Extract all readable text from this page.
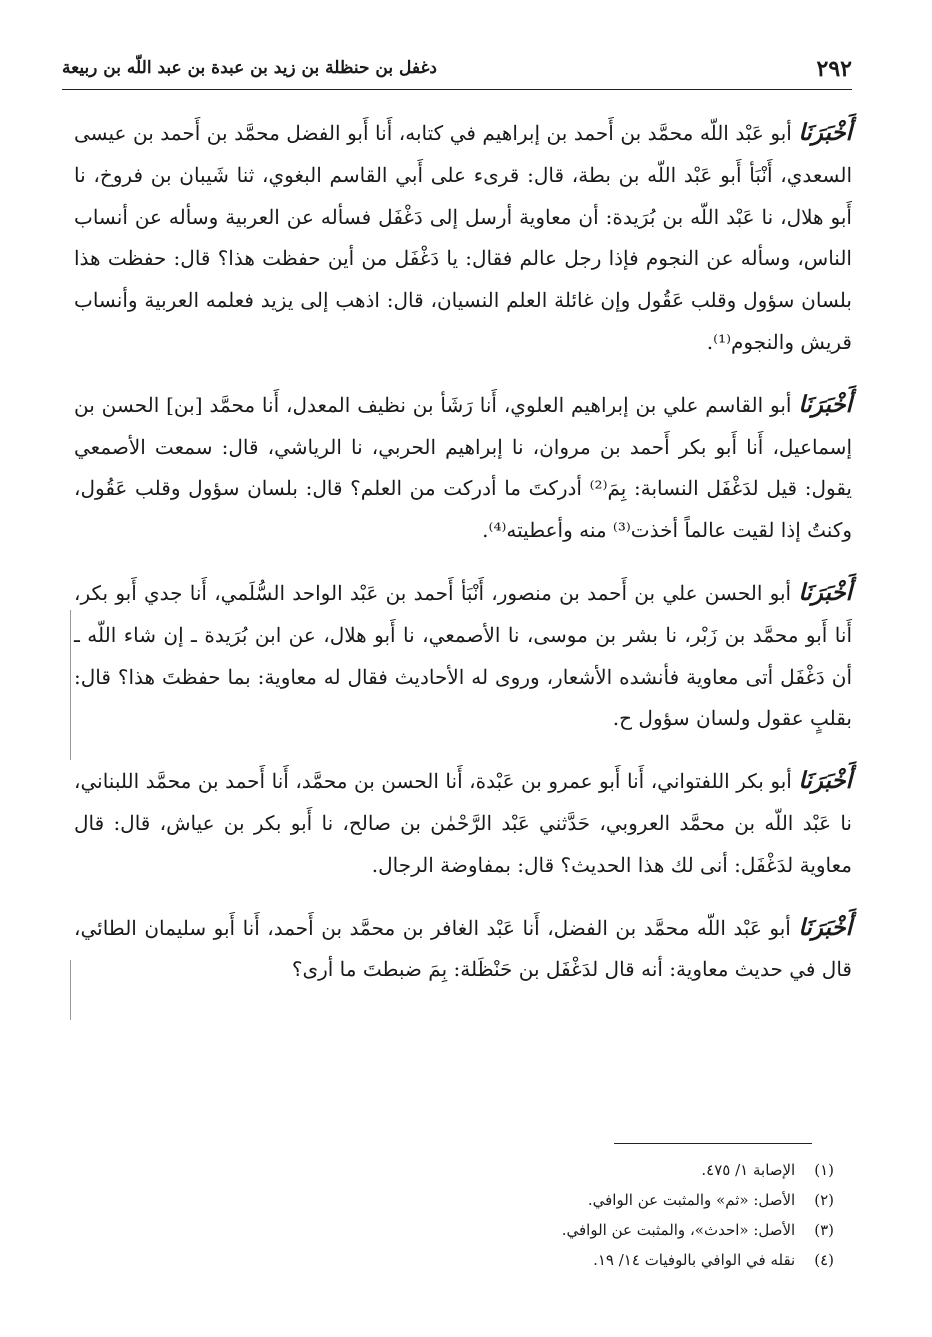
٢٩٢
دغفل بن حنظلة بن زيد بن عبدة بن عبد اللّه بن ربيعة

أَخْبَرَنَا أبو عَبْد اللّه محمَّد بن أَحمد بن إبراهيم في كتابه، أَنا أَبو الفضل محمَّد بن أَحمد بن عيسى السعدي، أَنْبَأ أَبو عَبْد اللّه بن بطة، قال: قرىء على أَبي القاسم البغوي، ثنا شَيبان بن فروخ، نا أَبو هلال، نا عَبْد اللّه بن بُرَيدة: أن معاوية أرسل إلى دَغْفَل فسأله عن العربية وسأله عن أنساب الناس، وسأله عن النجوم فإذا رجل عالم فقال: يا دَغْفَل من أين حفظت هذا؟ قال: حفظت هذا بلسان سؤول وقلب عَقُول وإن غائلة العلم النسيان، قال: اذهب إلى يزيد فعلمه العربية وأنساب قريش والنجوم⁽¹⁾.

أَخْبَرَنَا أبو القاسم علي بن إبراهيم العلوي، أَنا رَشَأ بن نظيف المعدل، أَنا محمَّد [بن] الحسن بن إسماعيل، أَنا أَبو بكر أَحمد بن مروان، نا إبراهيم الحربي، نا الرياشي، قال: سمعت الأصمعي يقول: قيل لدَغْفَل النسابة: بِمَ⁽²⁾ أدركتَ ما أدركت من العلم؟ قال: بلسان سؤول وقلب عَقُول، وكنتُ إذا لقيت عالماً أخذت⁽³⁾ منه وأعطيته⁽⁴⁾.

أَخْبَرَنَا أبو الحسن علي بن أَحمد بن منصور، أَنْبَأ أَحمد بن عَبْد الواحد السُّلَمي، أَنا جدي أَبو بكر، أَنا أَبو محمَّد بن زَبْر، نا بشر بن موسى، نا الأصمعي، نا أَبو هلال، عن ابن بُرَيدة ـ إن شاء اللّه ـ أن دَغْفَل أتى معاوية فأنشده الأشعار، وروى له الأحاديث فقال له معاوية: بما حفظتَ هذا؟ قال: بقلبٍ عقول ولسان سؤول ح.

أَخْبَرَنَا أبو بكر اللفتواني، أَنا أَبو عمرو بن عَبْدة، أَنا الحسن بن محمَّد، أَنا أَحمد بن محمَّد اللبناني، نا عَبْد اللّه بن محمَّد العروبي، حَدَّثني عَبْد الرَّحْمٰن بن صالح، نا أَبو بكر بن عياش، قال: قال معاوية لدَغْفَل: أنى لك هذا الحديث؟ قال: بمفاوضة الرجال.

أَخْبَرَنَا أبو عَبْد اللّه محمَّد بن الفضل، أَنا عَبْد الغافر بن محمَّد بن أَحمد، أَنا أَبو سليمان الطائي، قال في حديث معاوية: أنه قال لدَغْفَل بن حَنْظَلة: بِمَ ضبطتَ ما أرى؟

(١) الإصابة ١/ ٤٧٥.
(٢) الأصل: «ثم» والمثبت عن الوافي.
(٣) الأصل: «احدث»، والمثبت عن الوافي.
(٤) نقله في الوافي بالوفيات ١٤/ ١٩.
